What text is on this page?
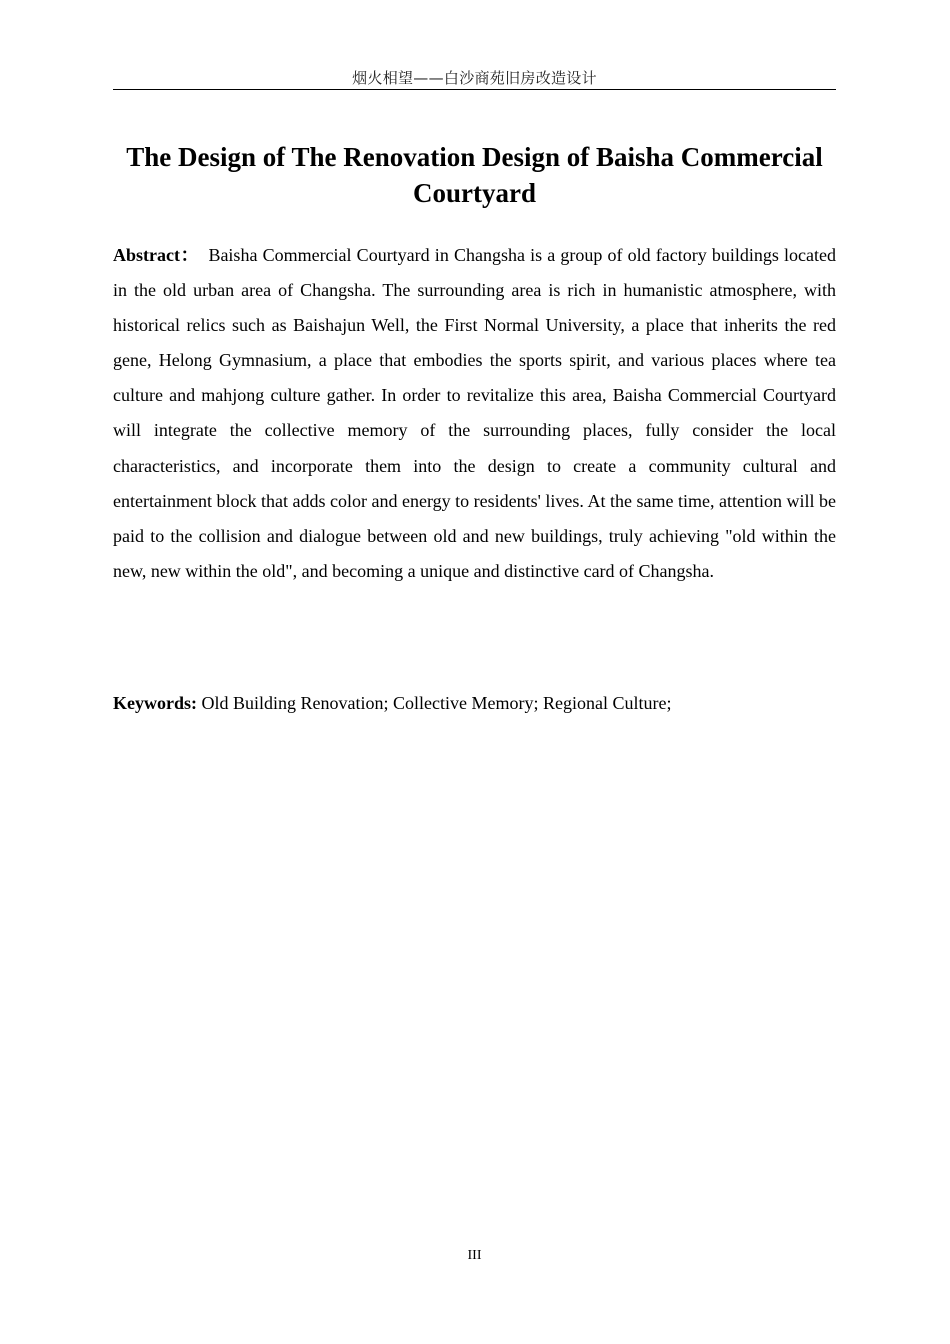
烟火相望——白沙商苑旧房改造设计
The Design of The Renovation Design of Baisha Commercial Courtyard

Abstract： Baisha Commercial Courtyard in Changsha is a group of old factory buildings located in the old urban area of Changsha. The surrounding area is rich in humanistic atmosphere, with historical relics such as Baishajun Well, the First Normal University, a place that inherits the red gene, Helong Gymnasium, a place that embodies the sports spirit, and various places where tea culture and mahjong culture gather. In order to revitalize this area, Baisha Commercial Courtyard will integrate the collective memory of the surrounding places, fully consider the local characteristics, and incorporate them into the design to create a community cultural and entertainment block that adds color and energy to residents' lives. At the same time, attention will be paid to the collision and dialogue between old and new buildings, truly achieving "old within the new, new within the old", and becoming a unique and distinctive card of Changsha.

Keywords: Old Building Renovation; Collective Memory; Regional Culture;

III
